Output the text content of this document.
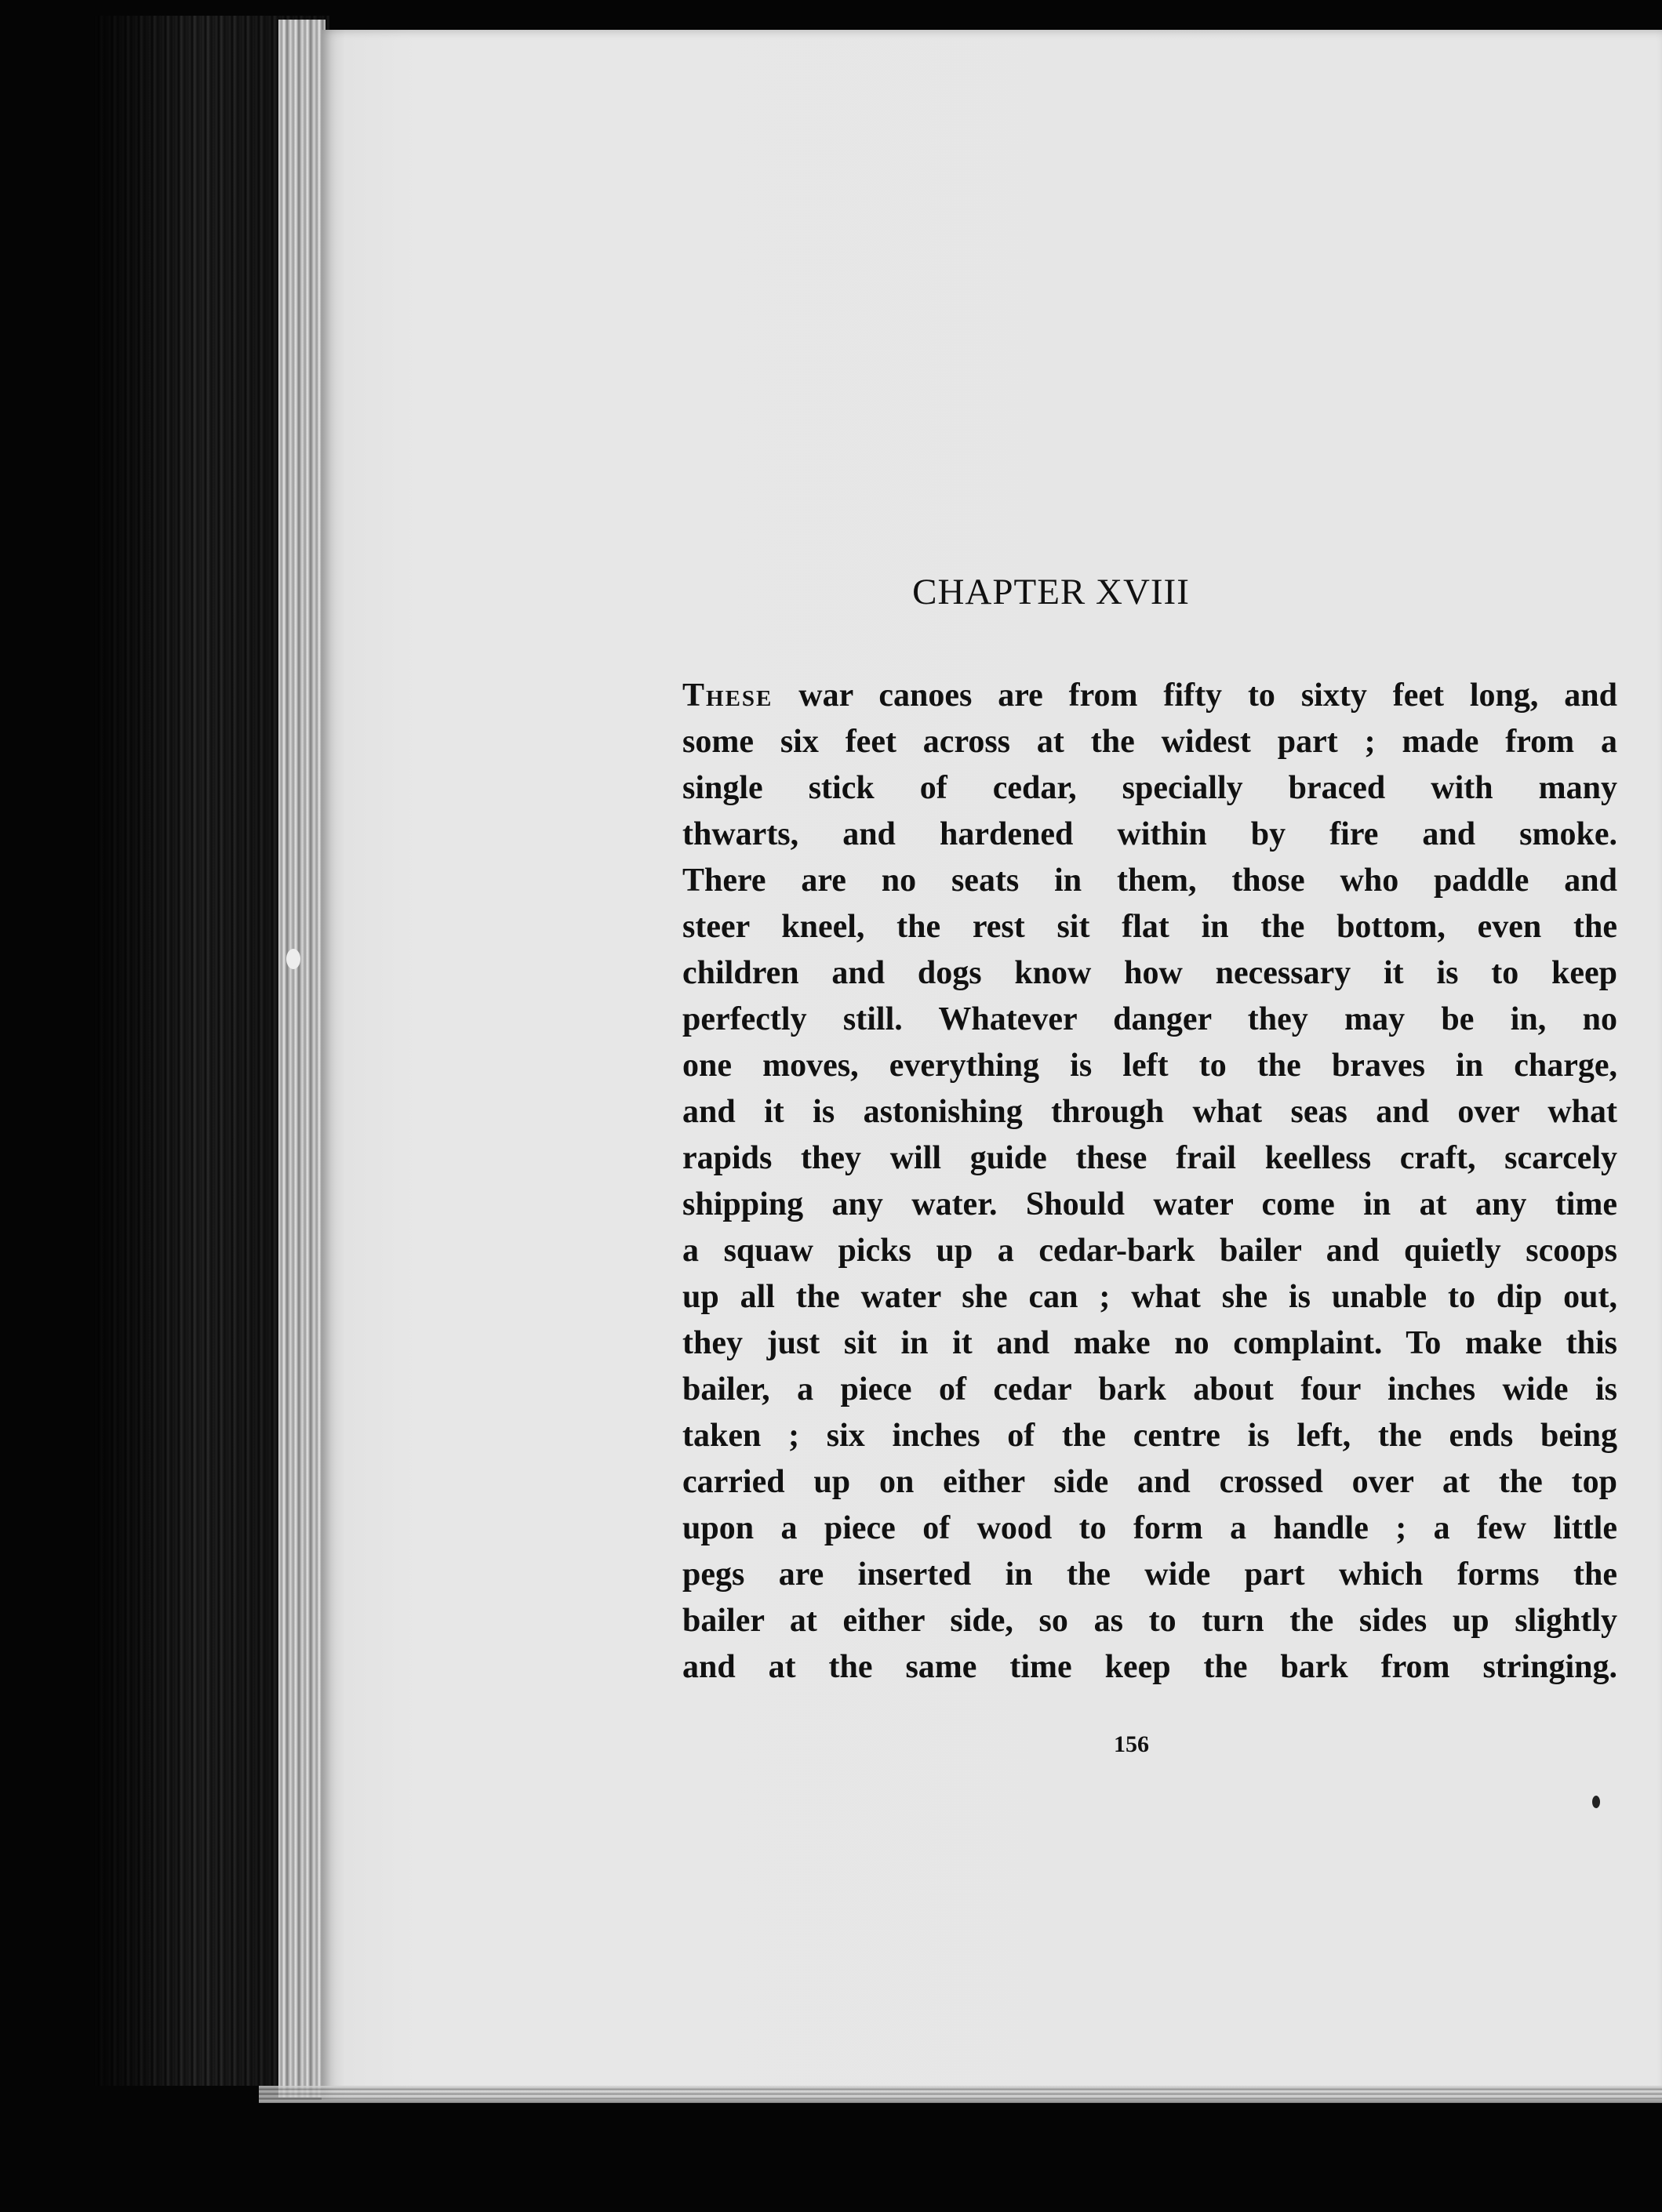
CHAPTER XVIII
These war canoes are from fifty to sixty feet long, and
some six feet across at the widest part ; made from a
single stick of cedar, specially braced with many
thwarts, and hardened within by fire and smoke.
There are no seats in them, those who paddle and
steer kneel, the rest sit flat in the bottom, even the
children and dogs know how necessary it is to keep
perfectly still. Whatever danger they may be in, no
one moves, everything is left to the braves in charge,
and it is astonishing through what seas and over what
rapids they will guide these frail keelless craft, scarcely
shipping any water. Should water come in at any time
a squaw picks up a cedar-bark bailer and quietly scoops
up all the water she can ; what she is unable to dip out,
they just sit in it and make no complaint. To make this
bailer, a piece of cedar bark about four inches wide is
taken ; six inches of the centre is left, the ends being
carried up on either side and crossed over at the top
upon a piece of wood to form a handle ; a few little
pegs are inserted in the wide part which forms the
bailer at either side, so as to turn the sides up slightly
and at the same time keep the bark from stringing.
156
